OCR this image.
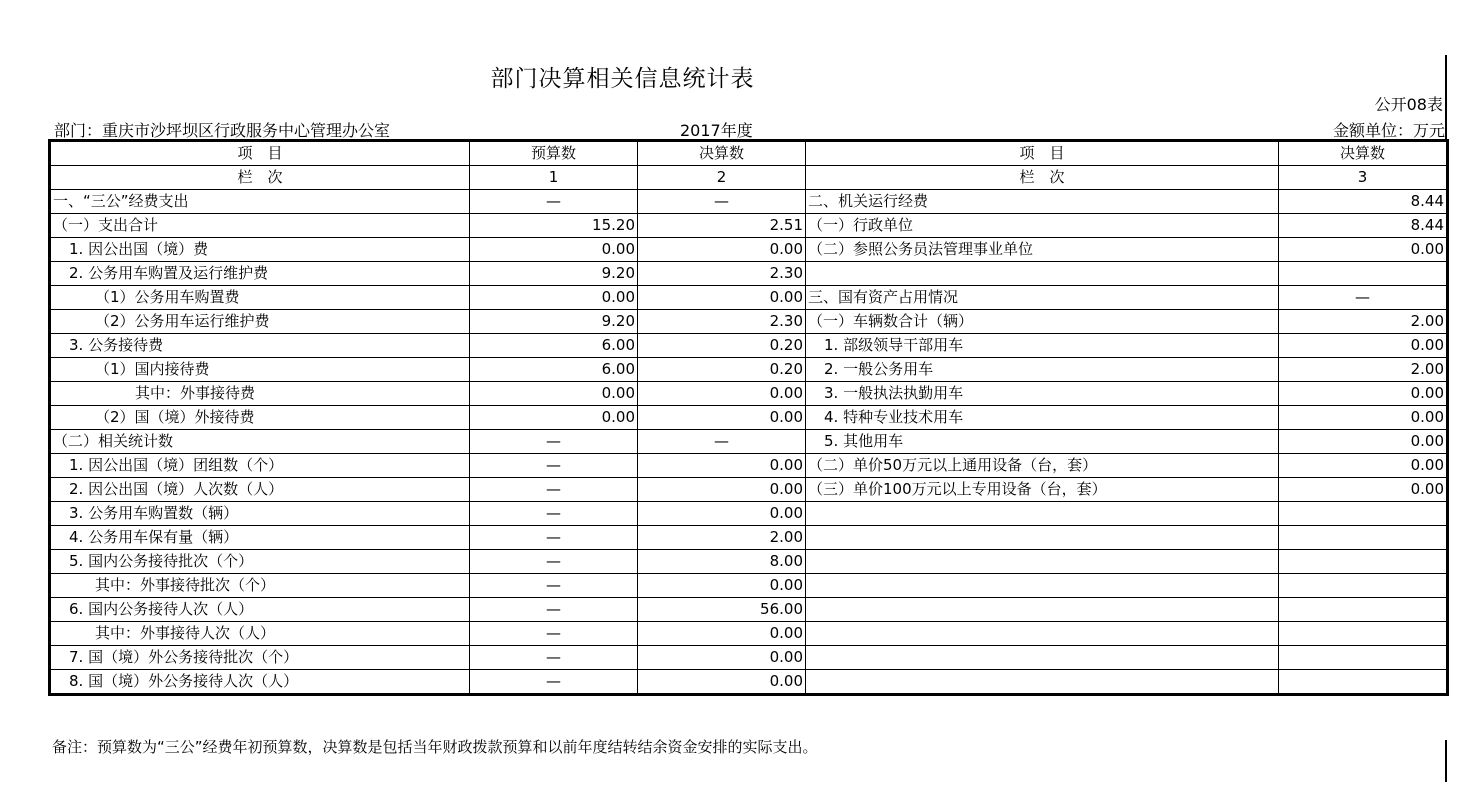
部门决算相关信息统计表
公开08表
部门：重庆市沙坪坝区行政服务中心管理办公室	2017年度	金额单位：万元
项　目	预算数	决算数	项　目	决算数
栏　次	1	2	栏　次	3
一、“三公”经费支出	—	—	二、机关运行经费	8.44
（一）支出合计	15.20	2.51	（一）行政单位	8.44
1. 因公出国（境）费	0.00	0.00	（二）参照公务员法管理事业单位	0.00
2. 公务用车购置及运行维护费	9.20	2.30		
（1）公务用车购置费	0.00	0.00	三、国有资产占用情况	—
（2）公务用车运行维护费	9.20	2.30	（一）车辆数合计（辆）	2.00
3. 公务接待费	6.00	0.20	1. 部级领导干部用车	0.00
（1）国内接待费	6.00	0.20	2. 一般公务用车	2.00
其中：外事接待费	0.00	0.00	3. 一般执法执勤用车	0.00
（2）国（境）外接待费	0.00	0.00	4. 特种专业技术用车	0.00
（二）相关统计数	—	—	5. 其他用车	0.00
1. 因公出国（境）团组数（个）	—	0.00	（二）单价50万元以上通用设备（台，套）	0.00
2. 因公出国（境）人次数（人）	—	0.00	（三）单价100万元以上专用设备（台，套）	0.00
3. 公务用车购置数（辆）	—	0.00		
4. 公务用车保有量（辆）	—	2.00		
5. 国内公务接待批次（个）	—	8.00		
其中：外事接待批次（个）	—	0.00		
6. 国内公务接待人次（人）	—	56.00		
其中：外事接待人次（人）	—	0.00		
7. 国（境）外公务接待批次（个）	—	0.00		
8. 国（境）外公务接待人次（人）	—	0.00		
备注：预算数为“三公”经费年初预算数，决算数是包括当年财政拨款预算和以前年度结转结余资金安排的实际支出。
